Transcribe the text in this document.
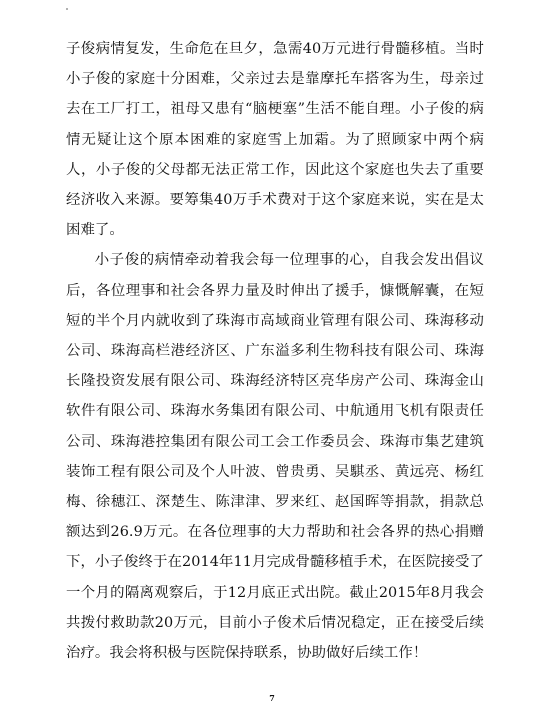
子俊病情复发，生命危在旦夕，急需40万元进行骨髓移植。当时小子俊的家庭十分困难，父亲过去是靠摩托车搭客为生，母亲过去在工厂打工，祖母又患有“脑梗塞”生活不能自理。小子俊的病情无疑让这个原本困难的家庭雪上加霜。为了照顾家中两个病人，小子俊的父母都无法正常工作，因此这个家庭也失去了重要经济收入来源。要筹集40万手术费对于这个家庭来说，实在是太困难了。

小子俊的病情牵动着我会每一位理事的心，自我会发出倡议后，各位理事和社会各界力量及时伸出了援手，慷慨解囊，在短短的半个月内就收到了珠海市高域商业管理有限公司、珠海移动公司、珠海高栏港经济区、广东溢多利生物科技有限公司、珠海长隆投资发展有限公司、珠海经济特区亮华房产公司、珠海金山软件有限公司、珠海水务集团有限公司、中航通用飞机有限责任公司、珠海港控集团有限公司工会工作委员会、珠海市集艺建筑装饰工程有限公司及个人叶波、曾贵勇、吴騏丞、黄远亮、杨红梅、徐穗江、深楚生、陈津津、罗来红、赵国晖等捐款，捐款总额达到26.9万元。在各位理事的大力帮助和社会各界的热心捐赠下，小子俊终于在2014年11月完成骨髓移植手术，在医院接受了一个月的隔离观察后，于12月底正式出院。截止2015年8月我会共拨付救助款20万元，目前小子俊术后情况稳定，正在接受后续治疗。我会将积极与医院保持联系，协助做好后续工作！

7
